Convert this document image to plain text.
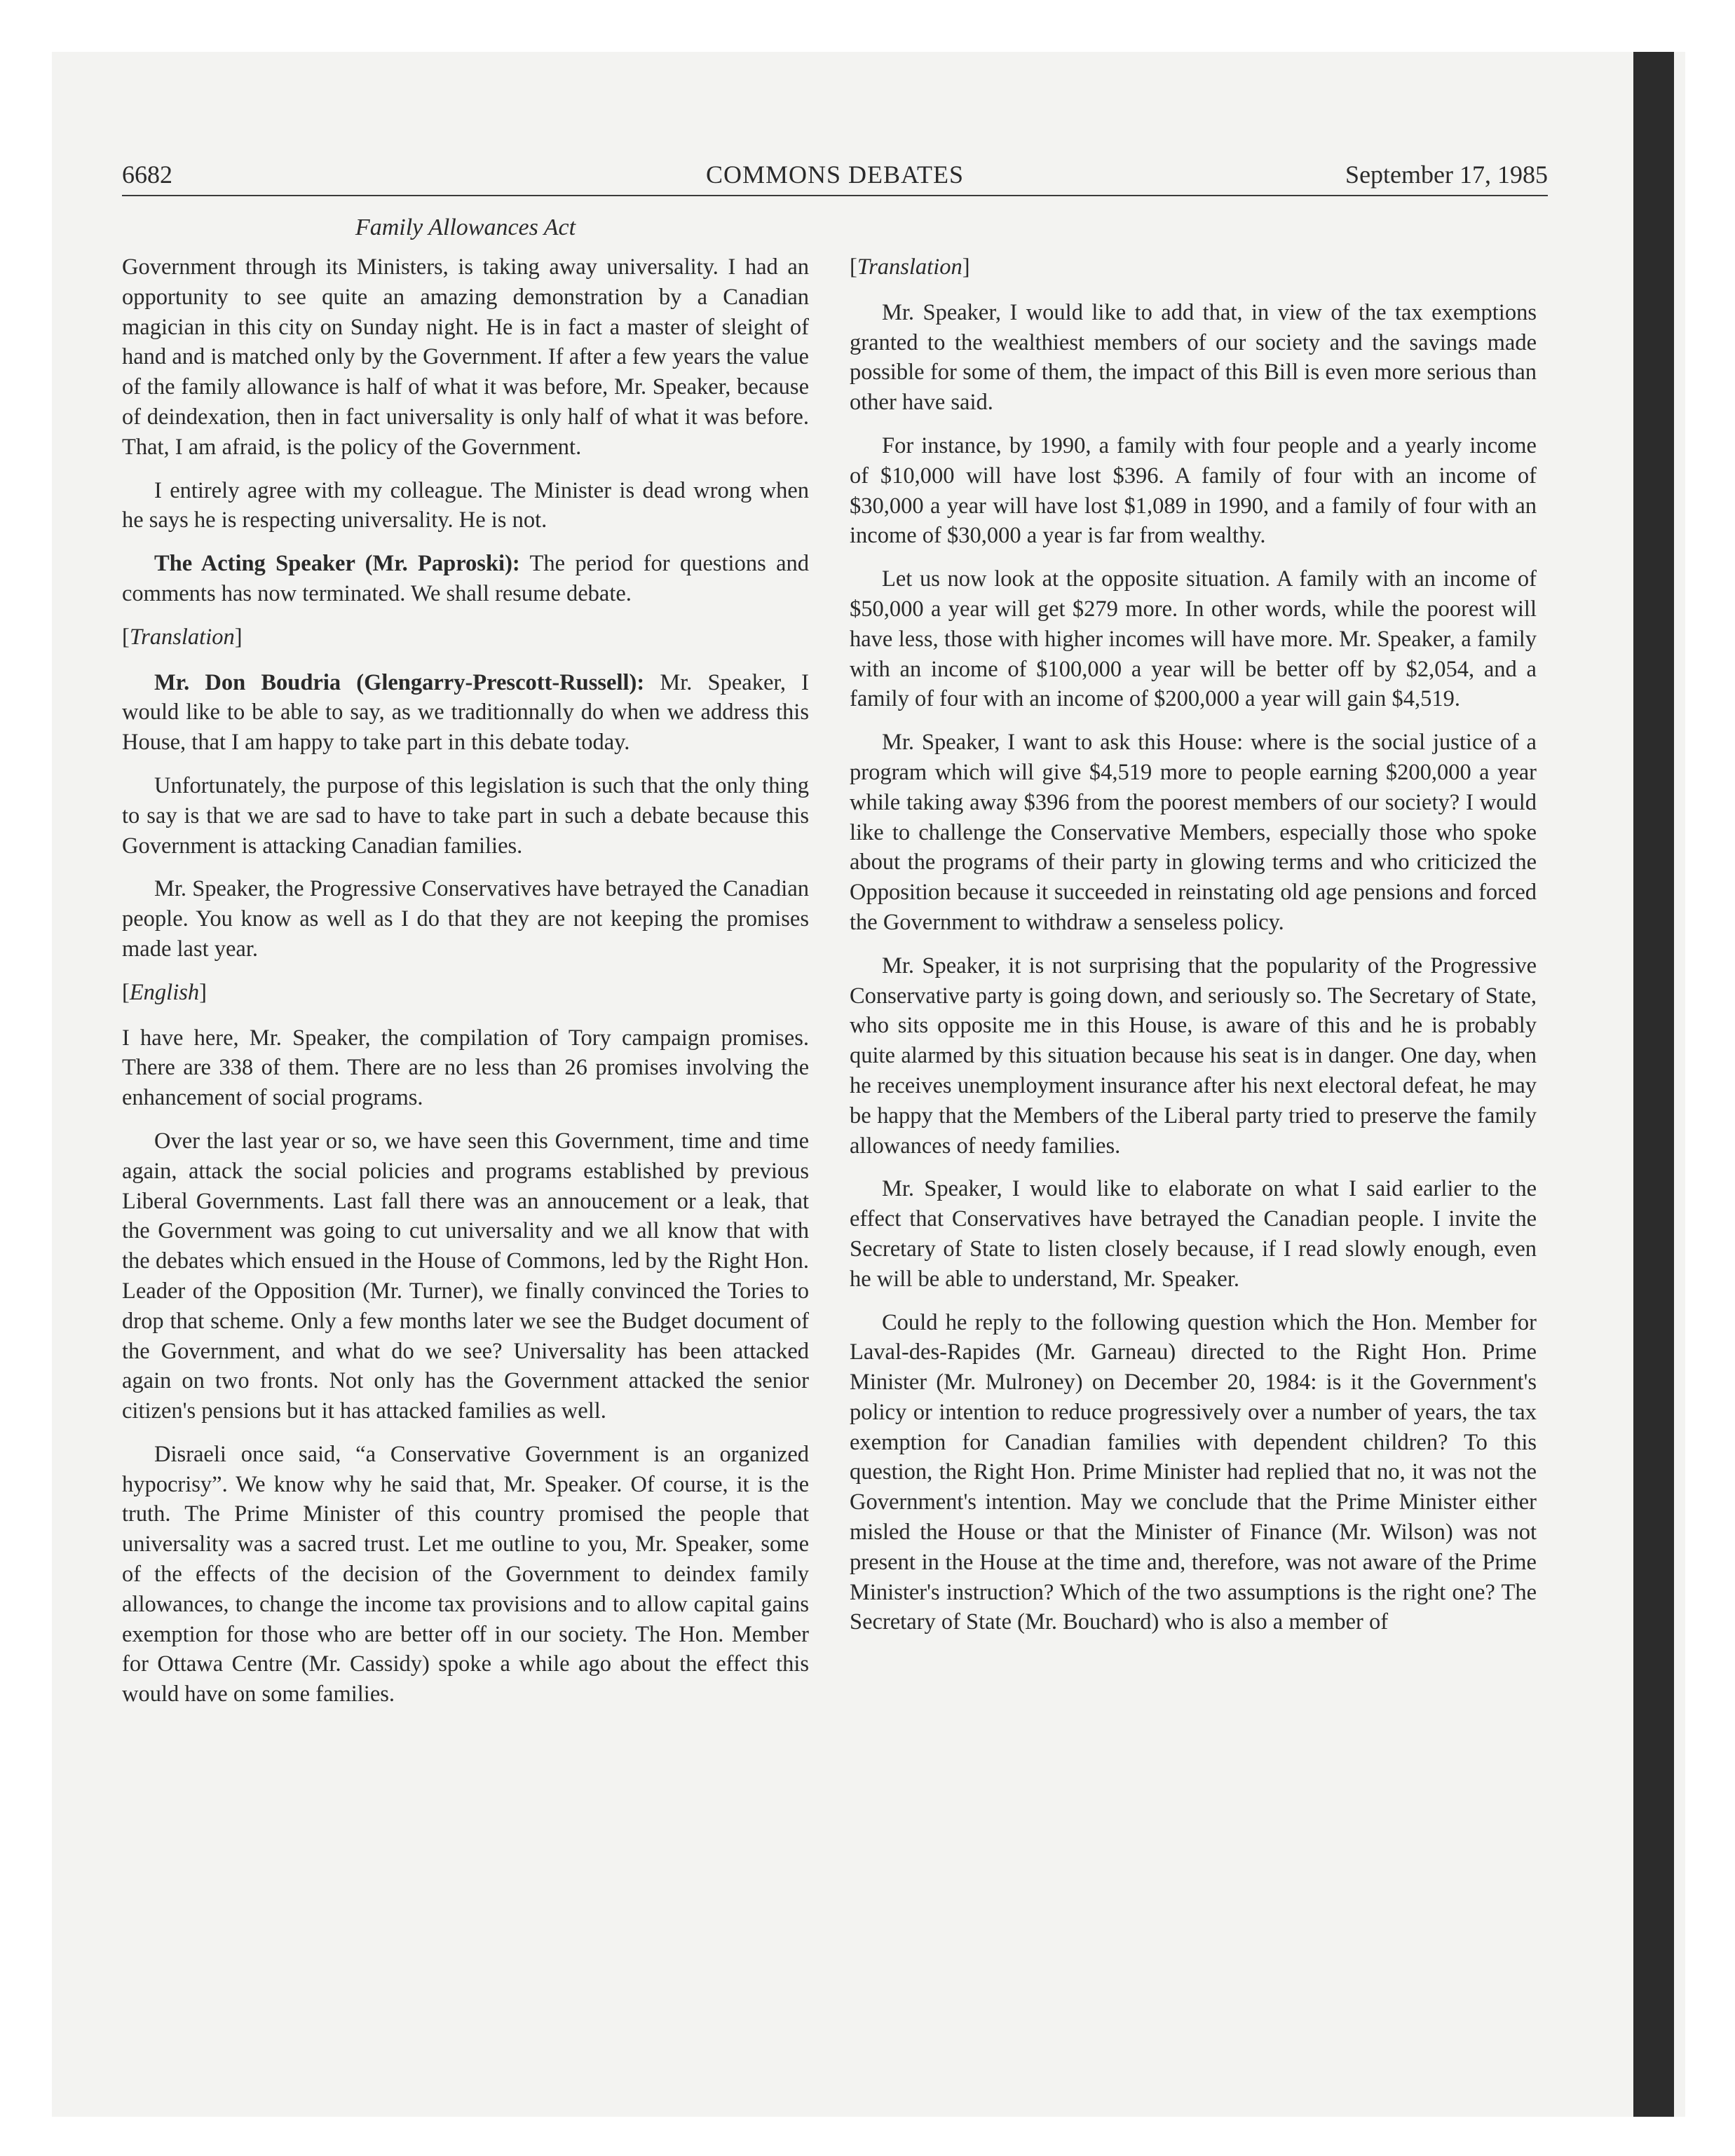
6682	COMMONS DEBATES	September 17, 1985
Family Allowances Act

Government through its Ministers, is taking away universality. I had an opportunity to see quite an amazing demonstration by a Canadian magician in this city on Sunday night. He is in fact a master of sleight of hand and is matched only by the Government. If after a few years the value of the family allowance is half of what it was before, Mr. Speaker, because of deindexation, then in fact universality is only half of what it was before. That, I am afraid, is the policy of the Government.

I entirely agree with my colleague. The Minister is dead wrong when he says he is respecting universality. He is not.

The Acting Speaker (Mr. Paproski): The period for questions and comments has now terminated. We shall resume debate.

[Translation]

Mr. Don Boudria (Glengarry-Prescott-Russell): Mr. Speaker, I would like to be able to say, as we traditionnally do when we address this House, that I am happy to take part in this debate today.

Unfortunately, the purpose of this legislation is such that the only thing to say is that we are sad to have to take part in such a debate because this Government is attacking Canadian families.

Mr. Speaker, the Progressive Conservatives have betrayed the Canadian people. You know as well as I do that they are not keeping the promises made last year.

[English]

I have here, Mr. Speaker, the compilation of Tory campaign promises. There are 338 of them. There are no less than 26 promises involving the enhancement of social programs.

Over the last year or so, we have seen this Government, time and time again, attack the social policies and programs established by previous Liberal Governments. Last fall there was an annoucement or a leak, that the Government was going to cut universality and we all know that with the debates which ensued in the House of Commons, led by the Right Hon. Leader of the Opposition (Mr. Turner), we finally convinced the Tories to drop that scheme. Only a few months later we see the Budget document of the Government, and what do we see? Universality has been attacked again on two fronts. Not only has the Government attacked the senior citizen's pensions but it has attacked families as well.

Disraeli once said, “a Conservative Government is an organized hypocrisy”. We know why he said that, Mr. Speaker. Of course, it is the truth. The Prime Minister of this country promised the people that universality was a sacred trust. Let me outline to you, Mr. Speaker, some of the effects of the decision of the Government to deindex family allowances, to change the income tax provisions and to allow capital gains exemption for those who are better off in our society. The Hon. Member for Ottawa Centre (Mr. Cassidy) spoke a while ago about the effect this would have on some families.

[Translation]

Mr. Speaker, I would like to add that, in view of the tax exemptions granted to the wealthiest members of our society and the savings made possible for some of them, the impact of this Bill is even more serious than other have said.

For instance, by 1990, a family with four people and a yearly income of $10,000 will have lost $396. A family of four with an income of $30,000 a year will have lost $1,089 in 1990, and a family of four with an income of $30,000 a year is far from wealthy.

Let us now look at the opposite situation. A family with an income of $50,000 a year will get $279 more. In other words, while the poorest will have less, those with higher incomes will have more. Mr. Speaker, a family with an income of $100,000 a year will be better off by $2,054, and a family of four with an income of $200,000 a year will gain $4,519.

Mr. Speaker, I want to ask this House: where is the social justice of a program which will give $4,519 more to people earning $200,000 a year while taking away $396 from the poorest members of our society? I would like to challenge the Conservative Members, especially those who spoke about the programs of their party in glowing terms and who criticized the Opposition because it succeeded in reinstating old age pensions and forced the Government to withdraw a senseless policy.

Mr. Speaker, it is not surprising that the popularity of the Progressive Conservative party is going down, and seriously so. The Secretary of State, who sits opposite me in this House, is aware of this and he is probably quite alarmed by this situation because his seat is in danger. One day, when he receives unemployment insurance after his next electoral defeat, he may be happy that the Members of the Liberal party tried to preserve the family allowances of needy families.

Mr. Speaker, I would like to elaborate on what I said earlier to the effect that Conservatives have betrayed the Canadian people. I invite the Secretary of State to listen closely because, if I read slowly enough, even he will be able to understand, Mr. Speaker.

Could he reply to the following question which the Hon. Member for Laval-des-Rapides (Mr. Garneau) directed to the Right Hon. Prime Minister (Mr. Mulroney) on December 20, 1984: is it the Government's policy or intention to reduce progressively over a number of years, the tax exemption for Canadian families with dependent children? To this question, the Right Hon. Prime Minister had replied that no, it was not the Government's intention. May we conclude that the Prime Minister either misled the House or that the Minister of Finance (Mr. Wilson) was not present in the House at the time and, therefore, was not aware of the Prime Minister's instruction? Which of the two assumptions is the right one? The Secretary of State (Mr. Bouchard) who is also a member of
